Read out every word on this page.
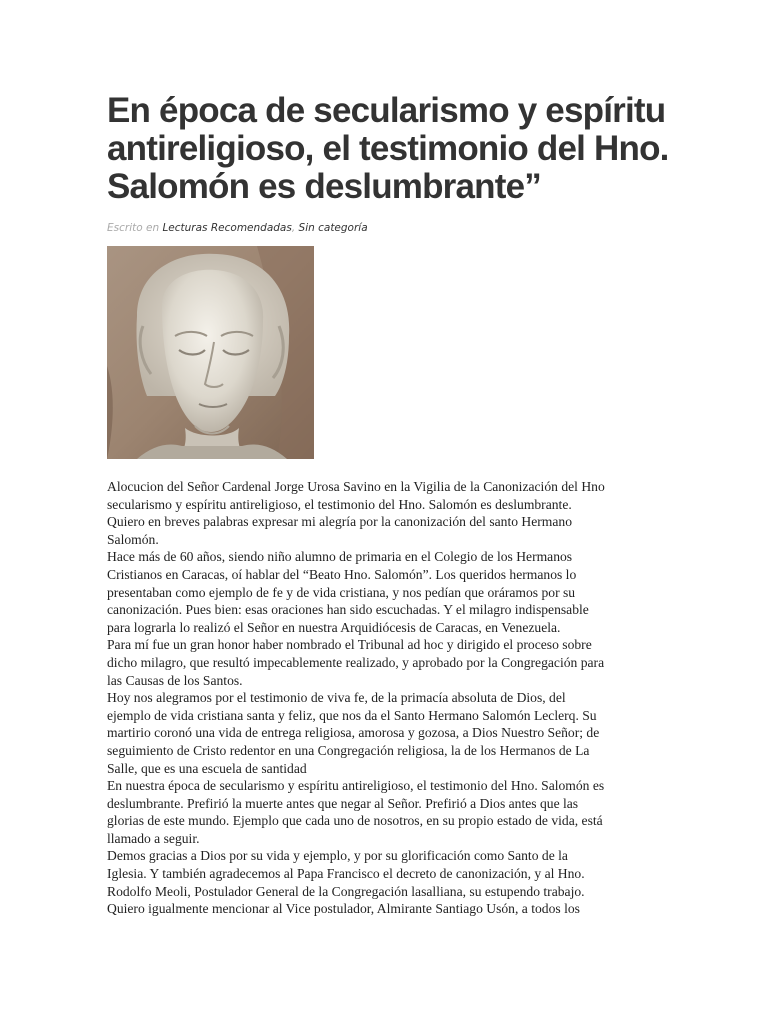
En época de secularismo y espíritu antireligioso, el testimonio del Hno. Salomón es deslumbrante”
Escrito en Lecturas Recomendadas, Sin categoría

Alocucion del Señor Cardenal Jorge Urosa Savino en la Vigilia de la Canonización del Hno

secularismo y espíritu antireligioso, el testimonio del Hno. Salomón es deslumbrante.

Quiero en breves palabras expresar mi alegría por la canonización del santo Hermano

Salomón.

Hace más de 60 años, siendo niño alumno de primaria en el Colegio de los Hermanos

Cristianos en Caracas, oí hablar del “Beato Hno. Salomón”. Los queridos hermanos lo

presentaban como ejemplo de fe y de vida cristiana, y nos pedían que oráramos por su

canonización. Pues bien: esas oraciones han sido escuchadas. Y el milagro indispensable

para lograrla lo realizó el Señor en nuestra Arquidiócesis de Caracas, en Venezuela.

Para mí fue un gran honor haber nombrado el Tribunal ad hoc y dirigido el proceso sobre

dicho milagro, que resultó impecablemente realizado, y aprobado por la Congregación para

las Causas de los Santos.

Hoy nos alegramos por el testimonio de viva fe, de la primacía absoluta de Dios, del

ejemplo de vida cristiana santa y feliz, que nos da el Santo Hermano Salomón Leclerq. Su

martirio coronó una vida de entrega religiosa, amorosa y gozosa, a Dios Nuestro Señor; de

seguimiento de Cristo redentor en una Congregación religiosa, la de los Hermanos de La

Salle, que es una escuela de santidad

En nuestra época de secularismo y espíritu antireligioso, el testimonio del Hno. Salomón es

deslumbrante. Prefirió la muerte antes que negar al Señor. Prefirió a Dios antes que las

glorias de este mundo. Ejemplo que cada uno de nosotros, en su propio estado de vida, está

llamado a seguir.

Demos gracias a Dios por su vida y ejemplo, y por su glorificación como Santo de la

Iglesia. Y también agradecemos al Papa Francisco el decreto de canonización, y al Hno.

Rodolfo Meoli, Postulador General de la Congregación lasalliana, su estupendo trabajo.

Quiero igualmente mencionar al Vice postulador, Almirante Santiago Usón, a todos los
